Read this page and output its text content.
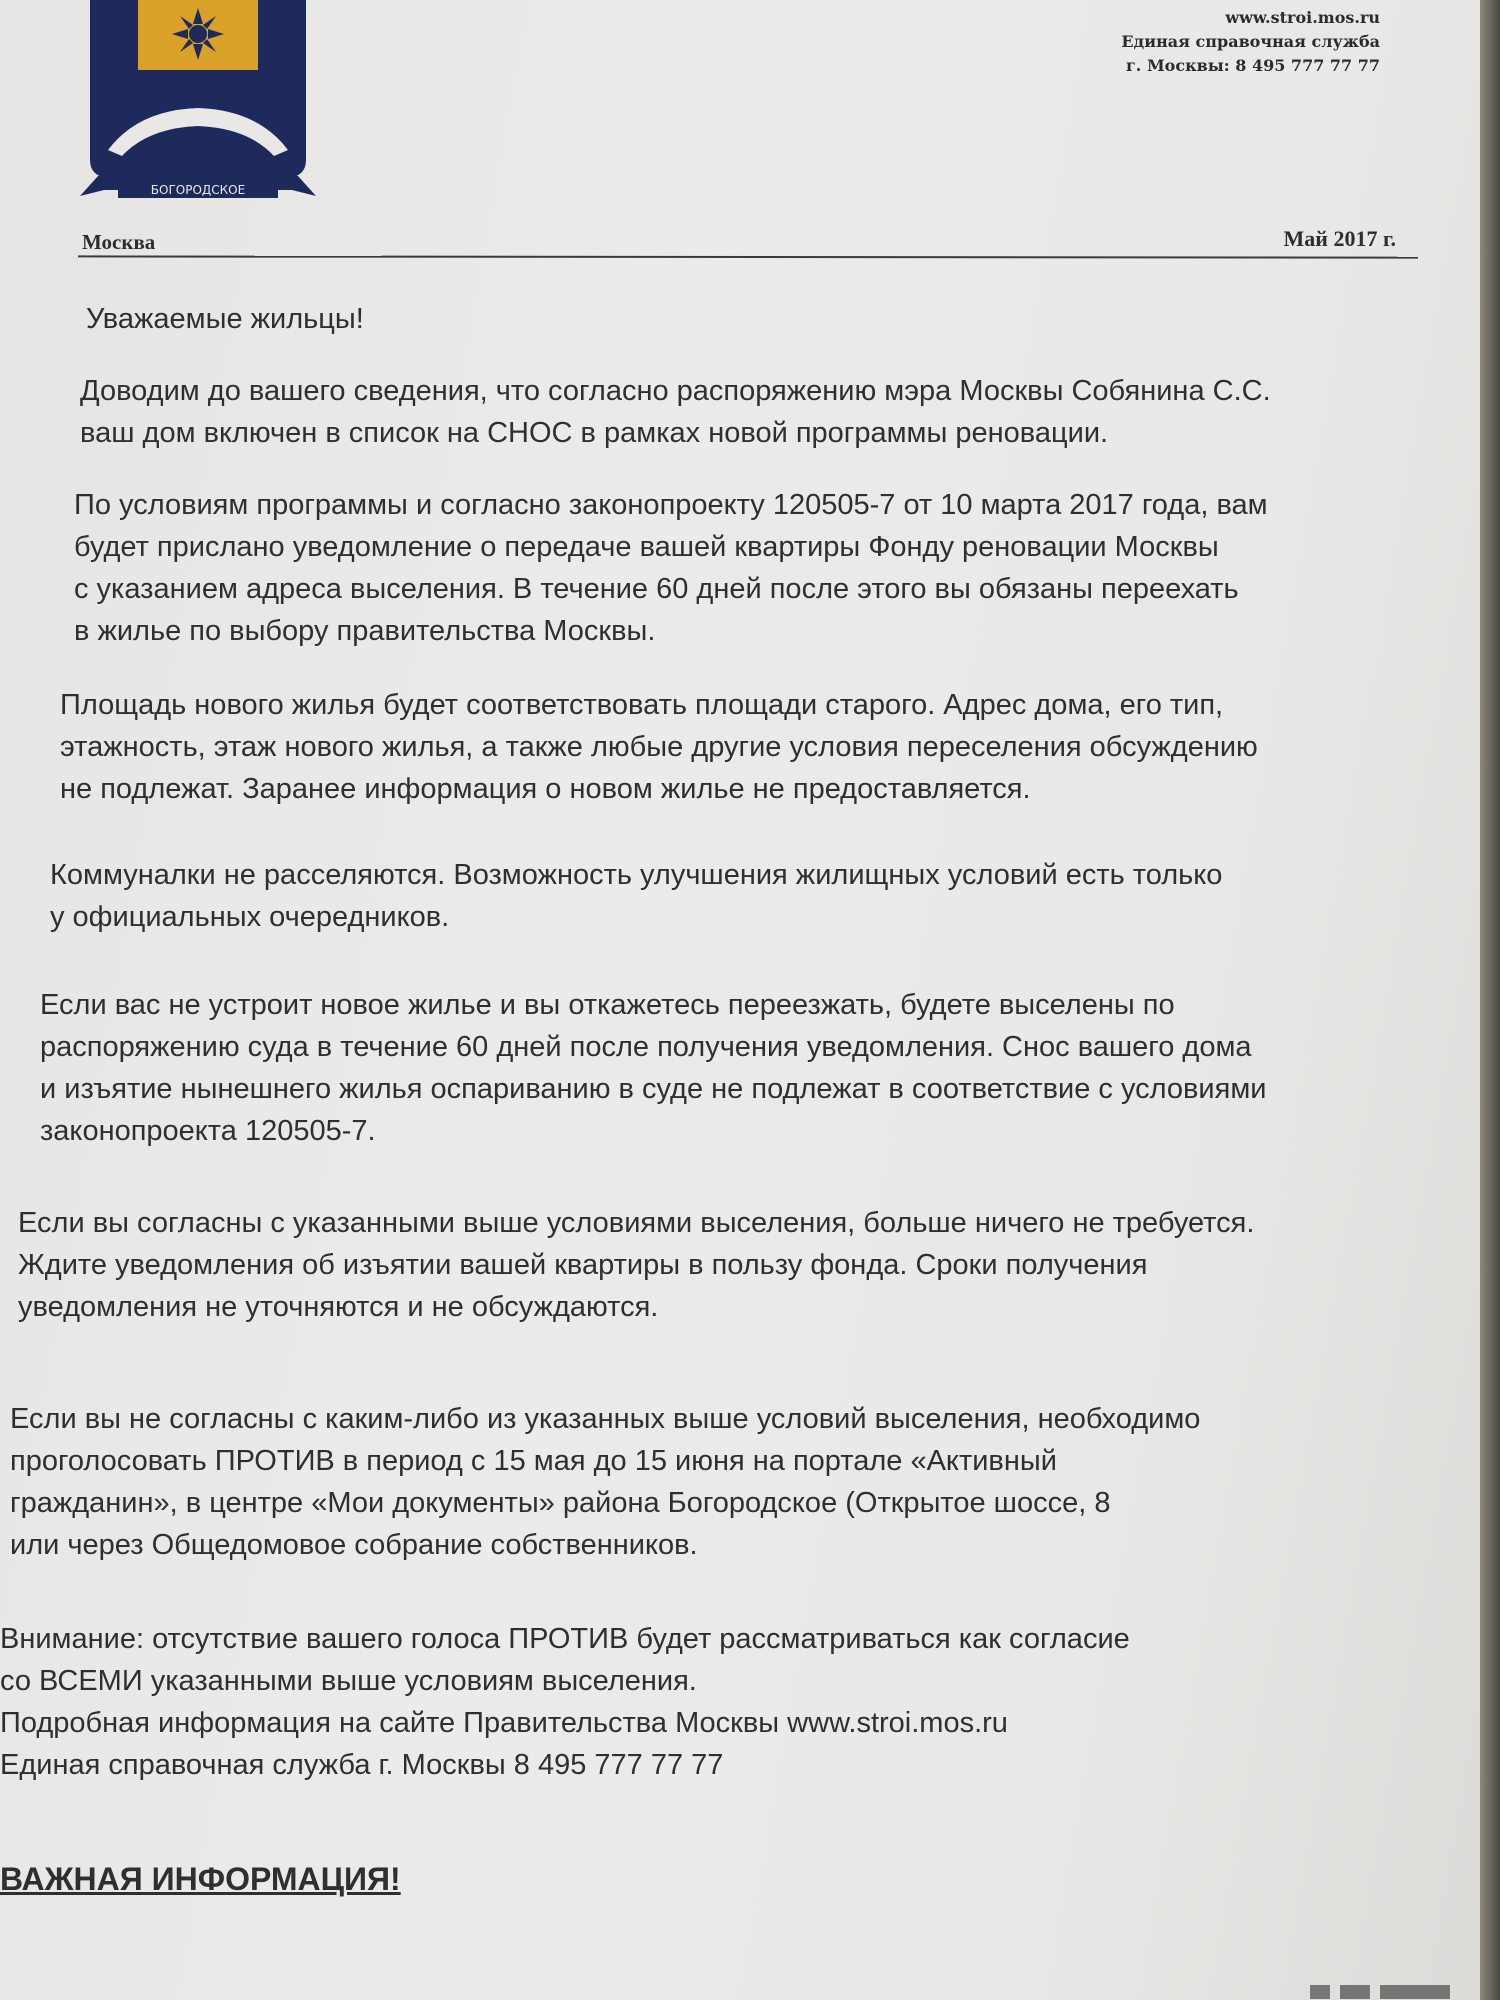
БОГОРОДСКОЕ
www.stroi.mos.ru
Единая справочная служба
г. Москвы: 8 495 777 77 77
Москва	Май 2017 г.
Уважаемые жильцы!
Доводим до вашего сведения, что согласно распоряжению мэра Москвы Собянина С.С.
ваш дом включен в список на СНОС в рамках новой программы реновации.
По условиям программы и согласно законопроекту 120505-7 от 10 марта 2017 года, вам
будет прислано уведомление о передаче вашей квартиры Фонду реновации Москвы
с указанием адреса выселения. В течение 60 дней после этого вы обязаны переехать
в жилье по выбору правительства Москвы.
Площадь нового жилья будет соответствовать площади старого. Адрес дома, его тип,
этажность, этаж нового жилья, а также любые другие условия переселения обсуждению
не подлежат. Заранее информация о новом жилье не предоставляется.
Коммуналки не расселяются. Возможность улучшения жилищных условий есть только
у официальных очередников.
Если вас не устроит новое жилье и вы откажетесь переезжать, будете выселены по
распоряжению суда в течение 60 дней после получения уведомления. Снос вашего дома
и изъятие нынешнего жилья оспариванию в суде не подлежат в соответствие с условиями
законопроекта 120505-7.
Если вы согласны с указанными выше условиями выселения, больше ничего не требуется.
Ждите уведомления об изъятии вашей квартиры в пользу фонда. Сроки получения
уведомления не уточняются и не обсуждаются.
Если вы не согласны с каким-либо из указанных выше условий выселения, необходимо
проголосовать ПРОТИВ в период с 15 мая до 15 июня на портале «Активный
гражданин», в центре «Мои документы» района Богородское (Открытое шоссе, 8
или через Общедомовое собрание собственников.
Внимание: отсутствие вашего голоса ПРОТИВ будет рассматриваться как согласие
со ВСЕМИ указанными выше условиям выселения.
Подробная информация на сайте Правительства Москвы www.stroi.mos.ru
Единая справочная служба г. Москвы 8 495 777 77 77
ВАЖНАЯ ИНФОРМАЦИЯ!
